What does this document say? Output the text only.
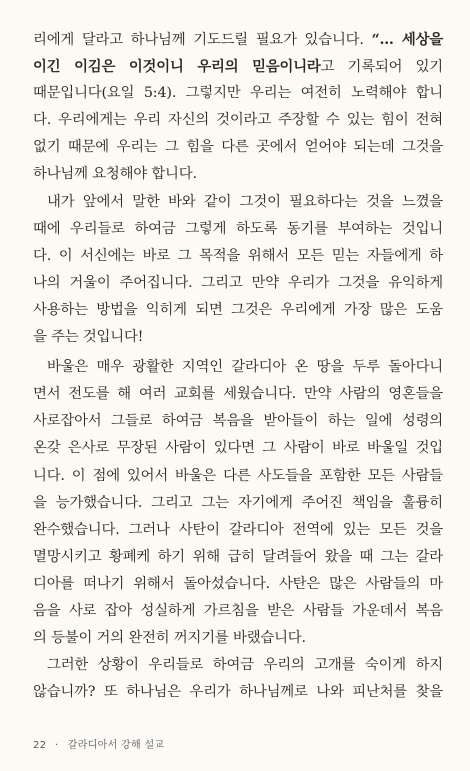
리에게 달라고 하나님께 기도드릴 필요가 있습니다. “… 세상을
이긴 이김은 이것이니 우리의 믿음이니라고 기록되어 있기
때문입니다(요일 5:4). 그렇지만 우리는 여전히 노력해야 합니
다. 우리에게는 우리 자신의 것이라고 주장할 수 있는 힘이 전혀
없기 때문에 우리는 그 힘을 다른 곳에서 얻어야 되는데 그것을
하나님께 요청해야 합니다.
내가 앞에서 말한 바와 같이 그것이 필요하다는 것을 느꼈을
때에 우리들로 하여금 그렇게 하도록 동기를 부여하는 것입니
다. 이 서신에는 바로 그 목적을 위해서 모든 믿는 자들에게 하
나의 거울이 주어집니다. 그리고 만약 우리가 그것을 유익하게
사용하는 방법을 익히게 되면 그것은 우리에게 가장 많은 도움
을 주는 것입니다!
바울은 매우 광활한 지역인 갈라디아 온 땅을 두루 돌아다니
면서 전도를 해 여러 교회를 세웠습니다. 만약 사람의 영혼들을
사로잡아서 그들로 하여금 복음을 받아들이 하는 일에 성령의
온갖 은사로 무장된 사람이 있다면 그 사람이 바로 바울일 것입
니다. 이 점에 있어서 바울은 다른 사도들을 포함한 모든 사람들
을 능가했습니다. 그리고 그는 자기에게 주어진 책임을 훌륭히
완수했습니다. 그러나 사탄이 갈라디아 전역에 있는 모든 것을
멸망시키고 황폐케 하기 위해 급히 달려들어 왔을 때 그는 갈라
디아를 떠나기 위해서 돌아섰습니다. 사탄은 많은 사람들의 마
음을 사로 잡아 성실하게 가르침을 받은 사람들 가운데서 복음
의 등불이 거의 완전히 꺼지기를 바랬습니다.
그러한 상황이 우리들로 하여금 우리의 고개를 숙이게 하지
않습니까? 또 하나님은 우리가 하나님께로 나와 피난처를 찾을
22 · 갈라디아서 강해 설교
